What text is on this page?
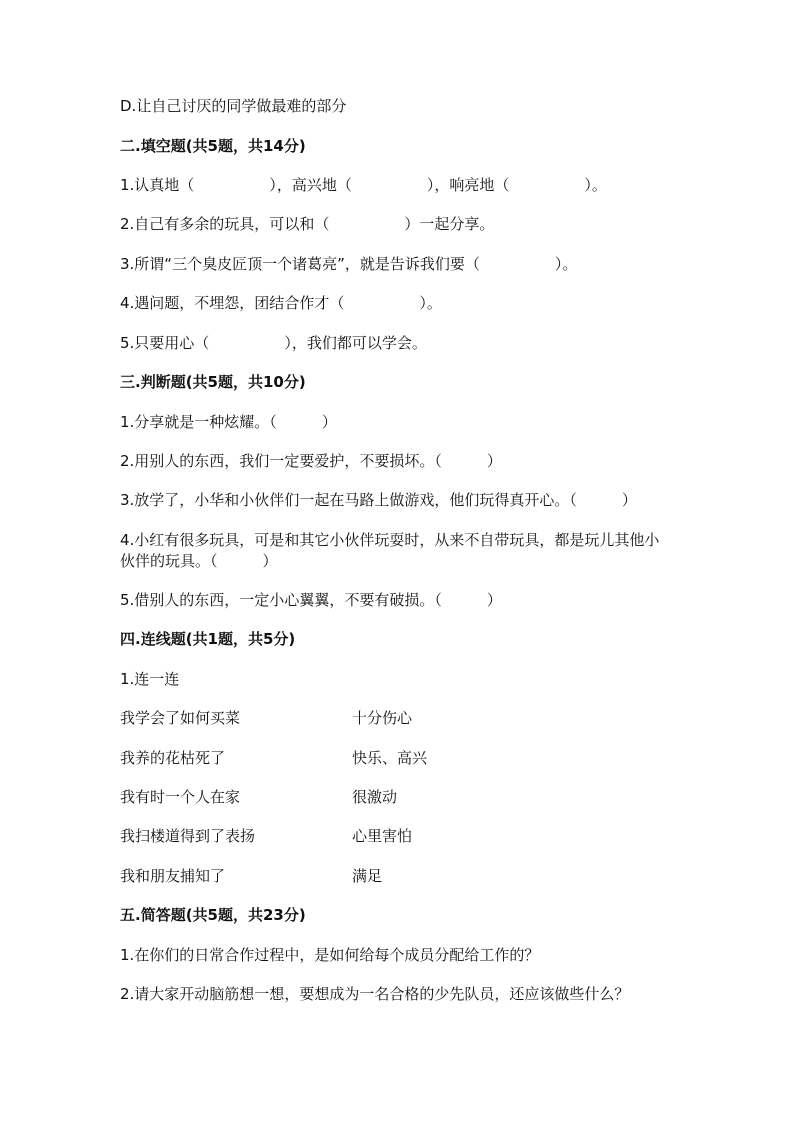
D.让自己讨厌的同学做最难的部分
二.填空题(共5题，共14分)
1.认真地（　　　　　），高兴地（　　　　　），响亮地（　　　　　）。
2.自己有多余的玩具，可以和（　　　　　）一起分享。
3.所谓“三个臭皮匠顶一个诸葛亮”，就是告诉我们要（　　　　　）。
4.遇问题，不埋怨，团结合作才（　　　　　）。
5.只要用心（　　　　　），我们都可以学会。
三.判断题(共5题，共10分)
1.分享就是一种炫耀。（　　　）
2.用别人的东西，我们一定要爱护，不要损坏。（　　　）
3.放学了，小华和小伙伴们一起在马路上做游戏，他们玩得真开心。（　　　）
4.小红有很多玩具，可是和其它小伙伴玩耍时，从来不自带玩具，都是玩儿其他小伙伴的玩具。（　　　）
5.借别人的东西，一定小心翼翼，不要有破损。（　　　）
四.连线题(共1题，共5分)
1.连一连
我学会了如何买菜	十分伤心
我养的花枯死了	快乐、高兴
我有时一个人在家	很激动
我扫楼道得到了表扬	心里害怕
我和朋友捕知了	满足
五.简答题(共5题，共23分)
1.在你们的日常合作过程中，是如何给每个成员分配给工作的？
2.请大家开动脑筋想一想，要想成为一名合格的少先队员，还应该做些什么？
